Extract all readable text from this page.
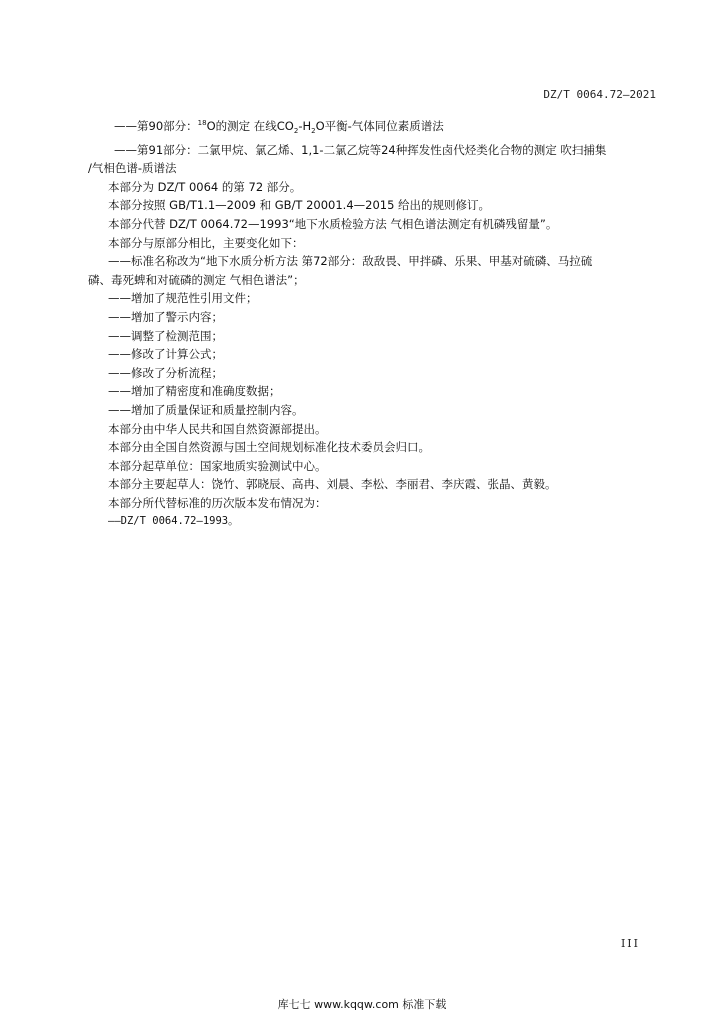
DZ/T 0064.72—2021
——第90部分：$^{18}$O的测定 在线$CO_2-H_2O$平衡-气体同位素质谱法
——第91部分：二氯甲烷、氯乙烯、1,1-二氯乙烷等24种挥发性卤代烃类化合物的测定 吹扫捕集
/气相色谱-质谱法
本部分为 DZ/T 0064 的第 72 部分。
本部分按照 GB/T1.1—2009 和 GB/T 20001.4—2015 给出的规则修订。
本部分代替 DZ/T 0064.72—1993“地下水质检验方法 气相色谱法测定有机磷残留量”。
本部分与原部分相比，主要变化如下：
——标准名称改为“地下水质分析方法 第72部分：敌敌畏、甲拌磷、乐果、甲基对硫磷、马拉硫
磷、毒死蜱和对硫磷的测定 气相色谱法”；
——增加了规范性引用文件；
——增加了警示内容；
——调整了检测范围；
——修改了计算公式；
——修改了分析流程；
——增加了精密度和准确度数据；
——增加了质量保证和质量控制内容。
本部分由中华人民共和国自然资源部提出。
本部分由全国自然资源与国土空间规划标准化技术委员会归口。
本部分起草单位：国家地质实验测试中心。
本部分主要起草人：饶竹、郭晓辰、高冉、刘晨、李松、李丽君、李庆霞、张晶、黄毅。
本部分所代替标准的历次版本发布情况为：
——DZ/T 0064.72—1993。
III
库七七 www.kqqw.com 标准下载
